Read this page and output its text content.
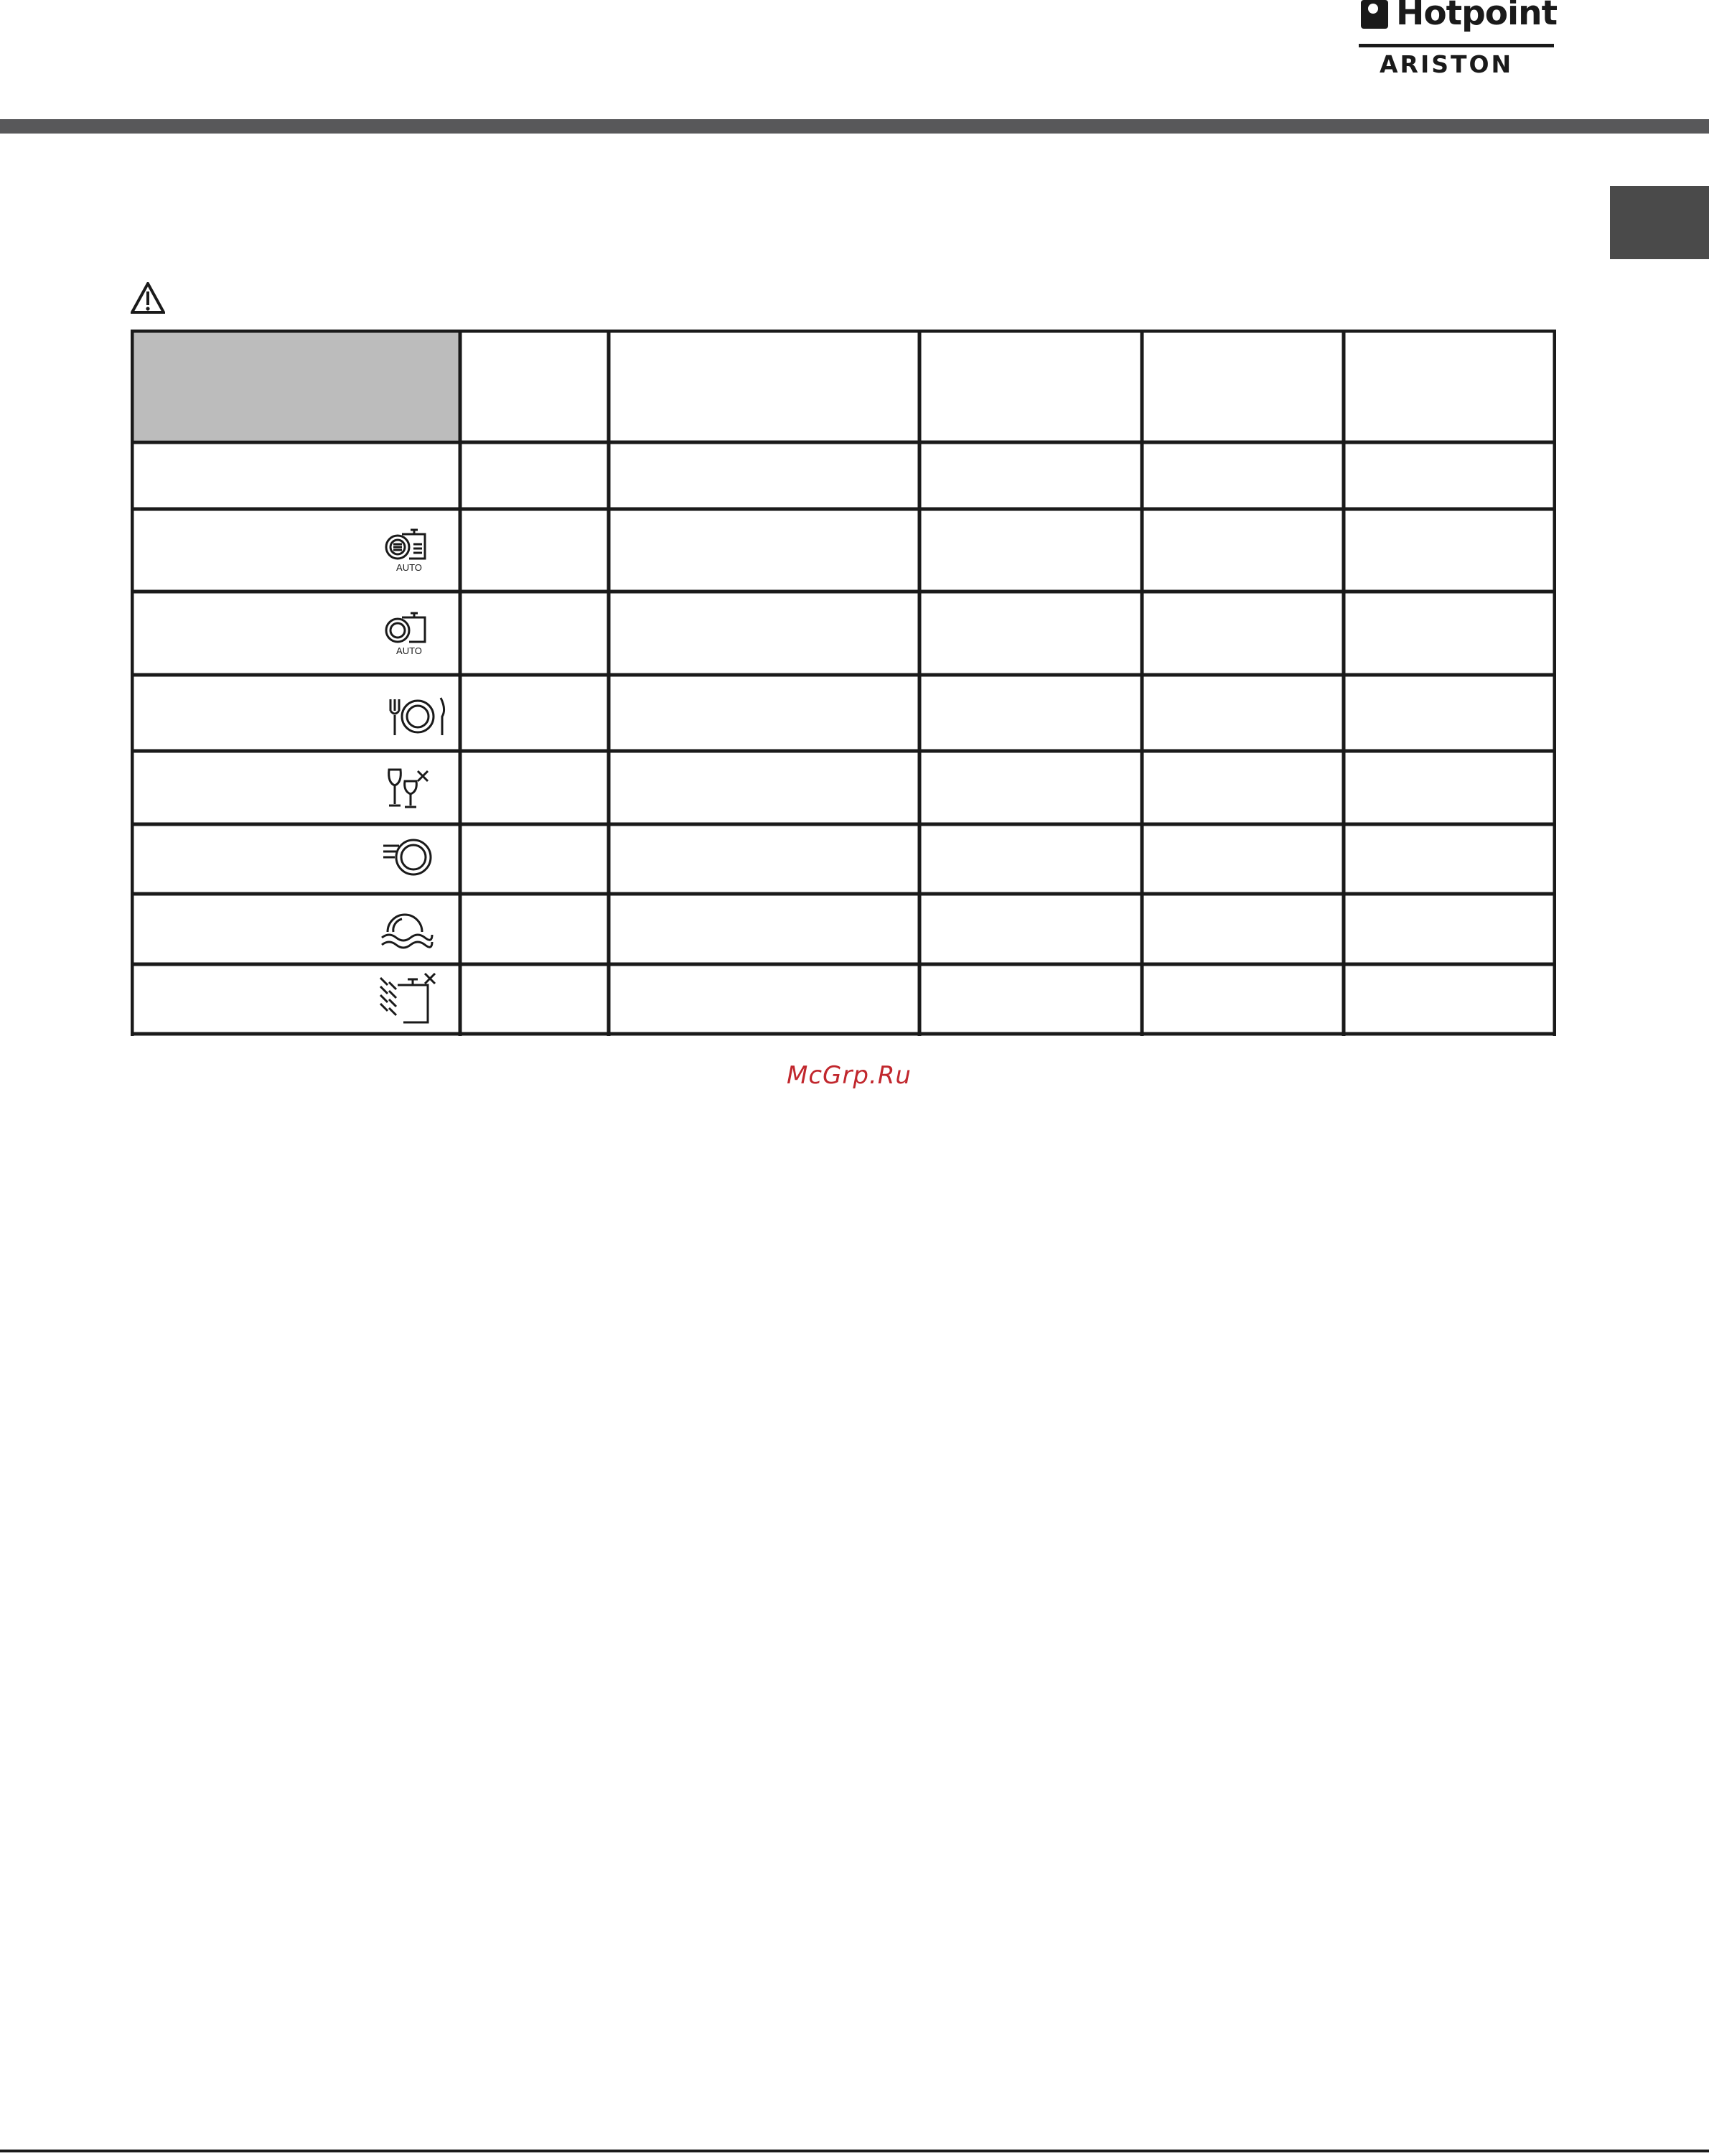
Hotpoint
ARISTON
AUTO
AUTO
McGrp.Ru
